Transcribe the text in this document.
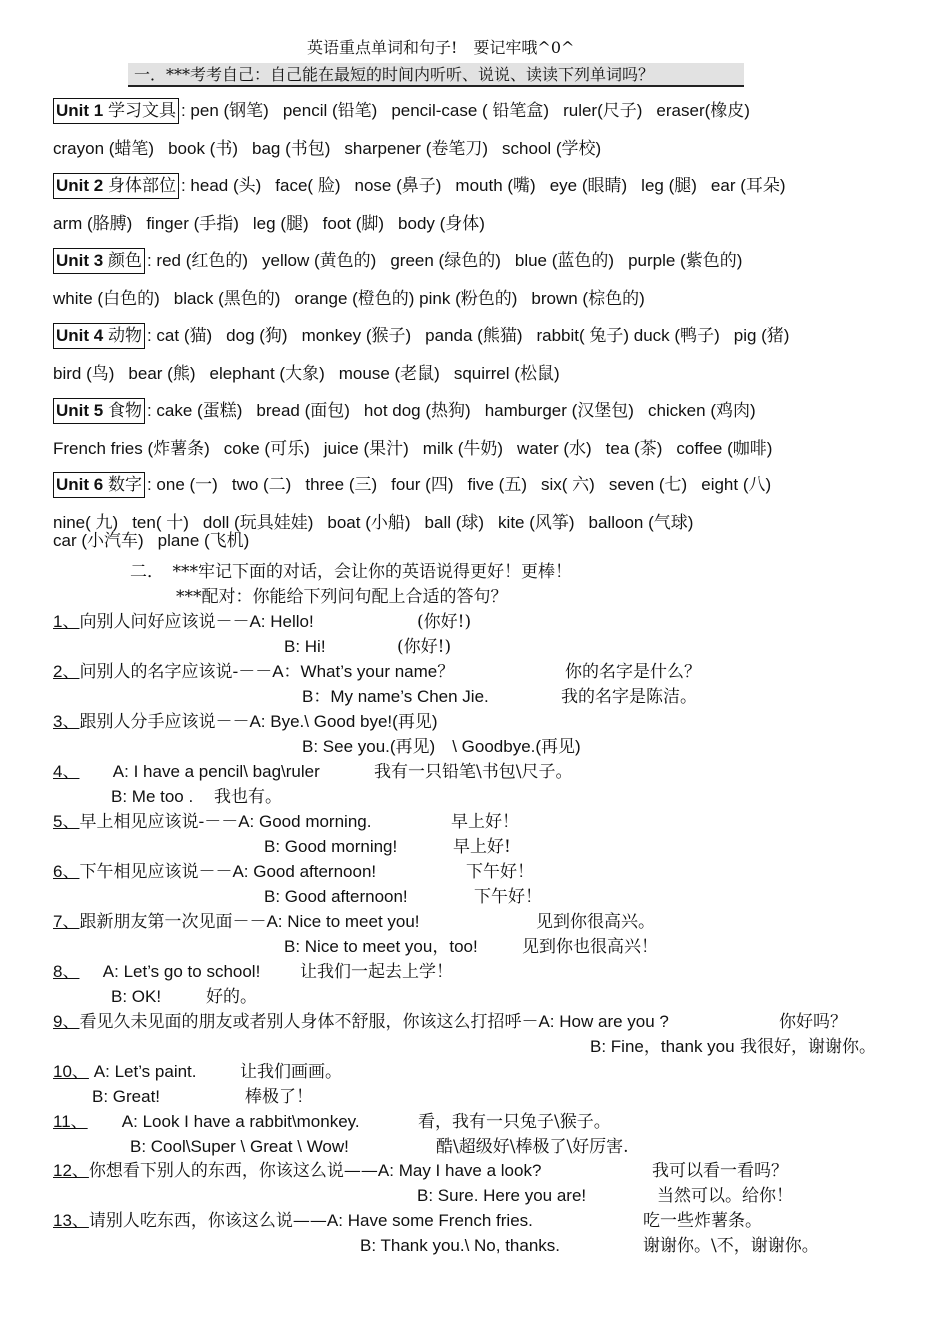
英语重点单词和句子!　要记牢哦^0^
一．***考考自己：自己能在最短的时间内听听、说说、读读下列单词吗？
Unit 1 学习文具 : pen (钢笔) pencil (铅笔) pencil-case ( 铅笔盒) ruler(尺子) eraser(橡皮)
crayon (蜡笔) book (书) bag (书包) sharpener (卷笔刀) school (学校)
Unit 2 身体部位 : head (头) face( 脸) nose (鼻子) mouth (嘴) eye (眼睛) leg (腿) ear (耳朵)
arm (胳膊) finger (手指) leg (腿) foot (脚) body (身体)
Unit 3 颜色 : red (红色的) yellow (黄色的) green (绿色的) blue (蓝色的) purple (紫色的)
white (白色的) black (黑色的) orange (橙色的) pink (粉色的) brown (棕色的)
Unit 4 动物 : cat (猫) dog (狗) monkey (猴子) panda (熊猫) rabbit( 兔子) duck (鸭子) pig (猪)
bird (鸟) bear (熊) elephant (大象) mouse (老鼠) squirrel (松鼠)
Unit 5 食物 : cake (蛋糕) bread (面包) hot dog (热狗) hamburger (汉堡包) chicken (鸡肉)
French fries (炸薯条) coke (可乐) juice (果汁) milk (牛奶) water (水) tea (茶) coffee (咖啡)
Unit 6 数字 : one (一) two (二) three (三) four (四) five (五) six( 六) seven (七) eight (八)
nine( 九) ten( 十) doll (玩具娃娃) boat (小船) ball (球) kite (风筝) balloon (气球)
car (小汽车) plane (飞机)
二．　***牢记下面的对话，会让你的英语说得更好！更棒！
***配对：你能给下列问句配上合适的答句？
1、向别人问好应该说－－A: Hello!	(你好!)
B: Hi!	(你好!)
2、问别人的名字应该说-－－A：What’s your name？	你的名字是什么？
B：My name’s Chen Jie.	我的名字是陈洁。
3、跟别人分手应该说－－A: Bye.\ Good bye!(再见)
B: See you.(再见)　\ Goodbye.(再见)
4、 A: I have a pencil\ bag\ruler	我有一只铅笔\书包\尺子。
B: Me too . 我也有。
5、早上相见应该说-－－A: Good morning.	早上好！
B: Good morning!	早上好!
6、下午相见应该说－－A: Good afternoon!	下午好！
B: Good afternoon!	下午好！
7、跟新朋友第一次见面－－A: Nice to meet you!	见到你很高兴。
B: Nice to meet you，too!	见到你也很高兴！
8、 A: Let’s go to school! 让我们一起去上学！
B: OK!	好的。
9、看见久未见面的朋友或者别人身体不舒服，你该这么打招呼－A: How are you ?	你好吗？
B: Fine，thank you 我很好，谢谢你。
10、 A: Let’s paint.	让我们画画。
B: Great!	棒极了！
11、 A: Look I have a rabbit\monkey.	看，我有一只兔子\猴子。
B: Cool\Super \ Great \ Wow!	酷\超级好\棒极了\好厉害.
12、你想看下别人的东西，你该这么说——A: May I have a look?	我可以看一看吗？
B: Sure. Here you are!	当然可以。给你！
13、请别人吃东西，你该这么说——A: Have some French fries.	吃一些炸薯条。
B: Thank you.\ No, thanks.	谢谢你。\不，谢谢你。
